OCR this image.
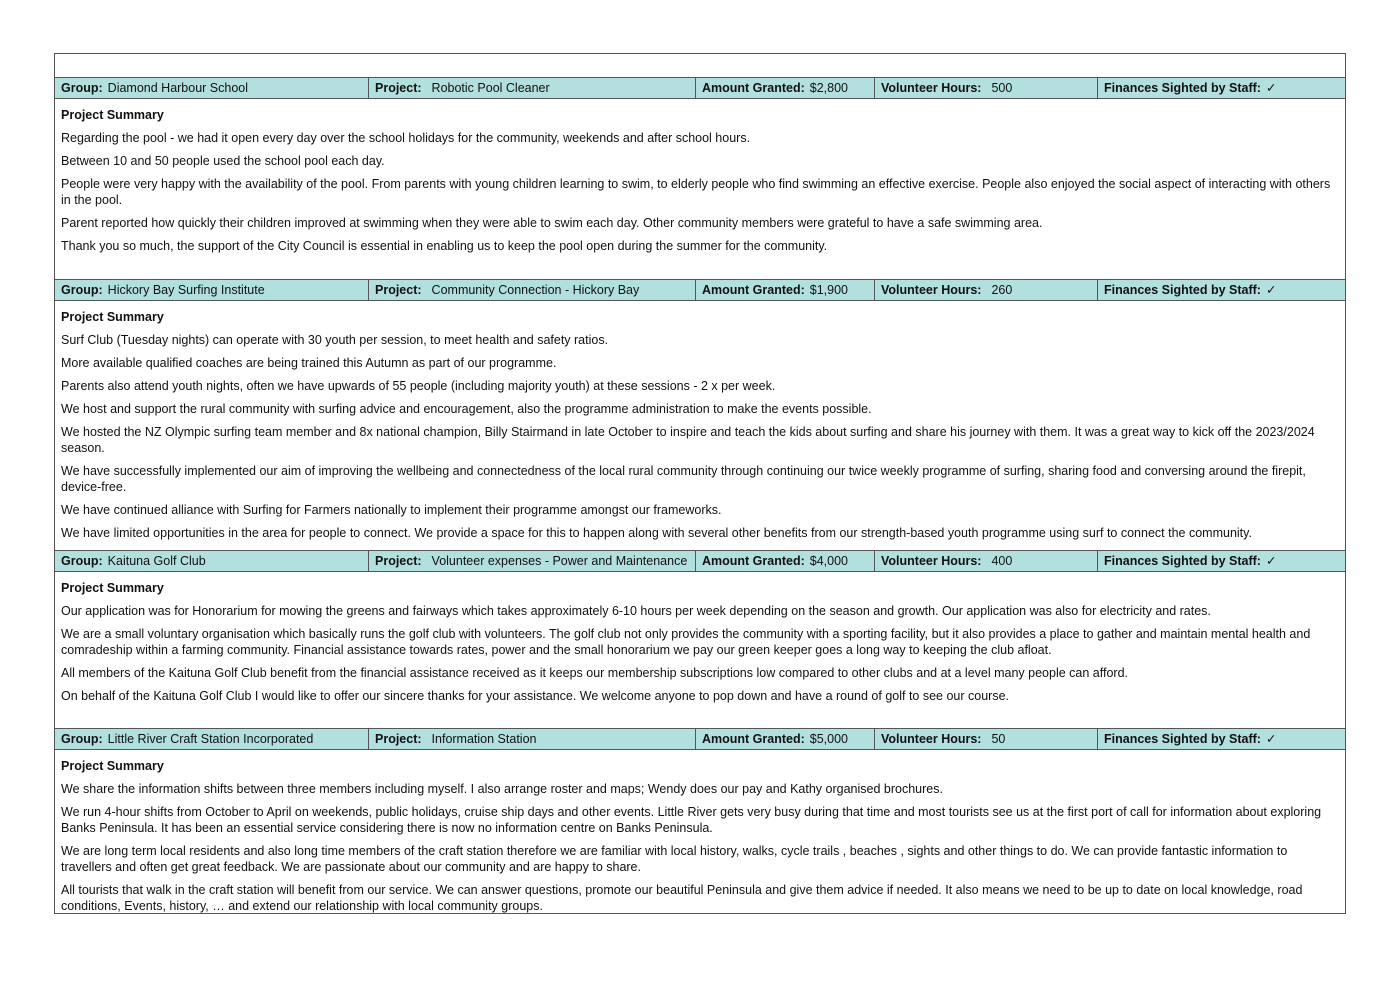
Group: Diamond Harbour School	Project: Robotic Pool Cleaner	Amount Granted: $2,800	Volunteer Hours: 500	Finances Sighted by Staff: ✓
Project Summary

Regarding the pool - we had it open every day over the school holidays for the community, weekends and after school hours.

Between 10 and 50 people used the school pool each day.

People were very happy with the availability of the pool. From parents with young children learning to swim, to elderly people who find swimming an effective exercise. People also enjoyed the social aspect of interacting with others in the pool.

Parent reported how quickly their children improved at swimming when they were able to swim each day. Other community members were grateful to have a safe swimming area.

Thank you so much, the support of the City Council is essential in enabling us to keep the pool open during the summer for the community.

Group: Hickory Bay Surfing Institute	Project: Community Connection - Hickory Bay	Amount Granted: $1,900	Volunteer Hours: 260	Finances Sighted by Staff: ✓
Project Summary

Surf Club (Tuesday nights) can operate with 30 youth per session, to meet health and safety ratios.

More available qualified coaches are being trained this Autumn as part of our programme.

Parents also attend youth nights, often we have upwards of 55 people (including majority youth) at these sessions - 2 x per week.

We host and support the rural community with surfing advice and encouragement, also the programme administration to make the events possible.

We hosted the NZ Olympic surfing team member and 8x national champion, Billy Stairmand in late October to inspire and teach the kids about surfing and share his journey with them. It was a great way to kick off the 2023/2024 season.

We have successfully implemented our aim of improving the wellbeing and connectedness of the local rural community through continuing our twice weekly programme of surfing, sharing food and conversing around the firepit, device-free.

We have continued alliance with Surfing for Farmers nationally to implement their programme amongst our frameworks.

We have limited opportunities in the area for people to connect. We provide a space for this to happen along with several other benefits from our strength-based youth programme using surf to connect the community.

Group: Kaituna Golf Club	Project: Volunteer expenses - Power and Maintenance	Amount Granted: $4,000	Volunteer Hours: 400	Finances Sighted by Staff: ✓
Project Summary

Our application was for Honorarium for mowing the greens and fairways which takes approximately 6-10 hours per week depending on the season and growth. Our application was also for electricity and rates.

We are a small voluntary organisation which basically runs the golf club with volunteers. The golf club not only provides the community with a sporting facility, but it also provides a place to gather and maintain mental health and comradeship within a farming community. Financial assistance towards rates, power and the small honorarium we pay our green keeper goes a long way to keeping the club afloat.

All members of the Kaituna Golf Club benefit from the financial assistance received as it keeps our membership subscriptions low compared to other clubs and at a level many people can afford.

On behalf of the Kaituna Golf Club I would like to offer our sincere thanks for your assistance. We welcome anyone to pop down and have a round of golf to see our course.

Group: Little River Craft Station Incorporated	Project: Information Station	Amount Granted: $5,000	Volunteer Hours: 50	Finances Sighted by Staff: ✓
Project Summary

We share the information shifts between three members including myself. I also arrange roster and maps; Wendy does our pay and Kathy organised brochures.

We run 4-hour shifts from October to April on weekends, public holidays, cruise ship days and other events. Little River gets very busy during that time and most tourists see us at the first port of call for information about exploring Banks Peninsula. It has been an essential service considering there is now no information centre on Banks Peninsula.

We are long term local residents and also long time members of the craft station therefore we are familiar with local history, walks, cycle trails , beaches , sights and other things to do. We can provide fantastic information to travellers and often get great feedback. We are passionate about our community and are happy to share.

All tourists that walk in the craft station will benefit from our service. We can answer questions, promote our beautiful Peninsula and give them advice if needed. It also means we need to be up to date on local knowledge, road conditions, Events, history, … and extend our relationship with local community groups.
